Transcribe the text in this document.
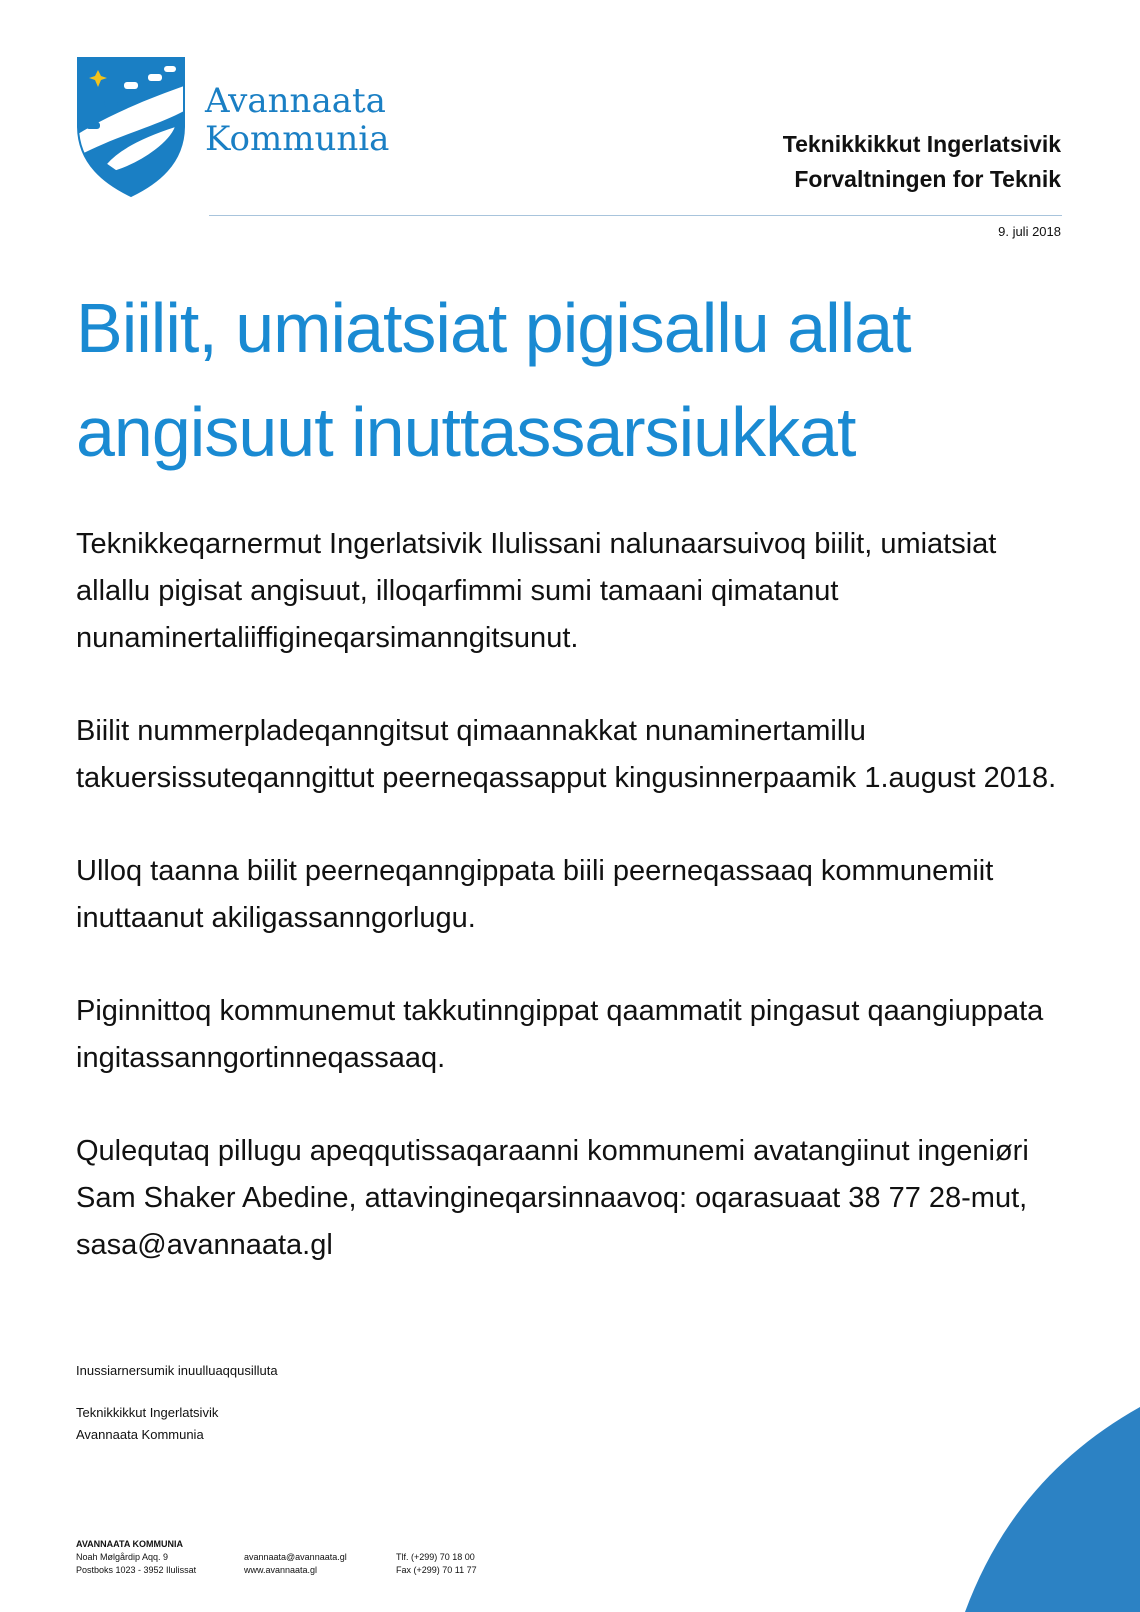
Avannaata
Kommunia	Teknikkikkut Ingerlatsivik
Forvaltningen for Teknik
9. juli 2018
Biilit, umiatsiat pigisallu allat
angisuut inuttassarsiukkat

Teknikkeqarnermut Ingerlatsivik Ilulissani nalunaarsuivoq biilit, umiatsiat allallu pigisat angisuut, illoqarfimmi sumi tamaani qimatanut nunaminertaliiffigineqarsimanngitsunut.

Biilit nummerpladeqanngitsut qimaannakkat nunaminertamillu takuersissuteqanngittut peerneqassapput kingusinnerpaamik 1.august 2018.

Ulloq taanna biilit peerneqanngippata biili peerneqassaaq kommunemiit inuttaanut akiligassanngorlugu.

Piginnittoq kommunemut takkutinngippat qaammatit pingasut qaangiuppata ingitassanngortinneqassaaq.

Qulequtaq pillugu apeqqutissaqaraanni kommunemi avatangiinut ingeniøri Sam Shaker Abedine, attavingineqarsinnaavoq: oqarasuaat 38 77 28-mut, sasa@avannaata.gl

Inussiarnersumik inuulluaqqusilluta
Teknikkikkut Ingerlatsivik
Avannaata Kommunia
AVANNAATA KOMMUNIA
Noah Mølgårdip Aqq. 9
Postboks 1023 - 3952 Ilulissat

avannaata@avannaata.gl
www.avannaata.gl

Tlf. (+299) 70 18 00
Fax (+299) 70 11 77
